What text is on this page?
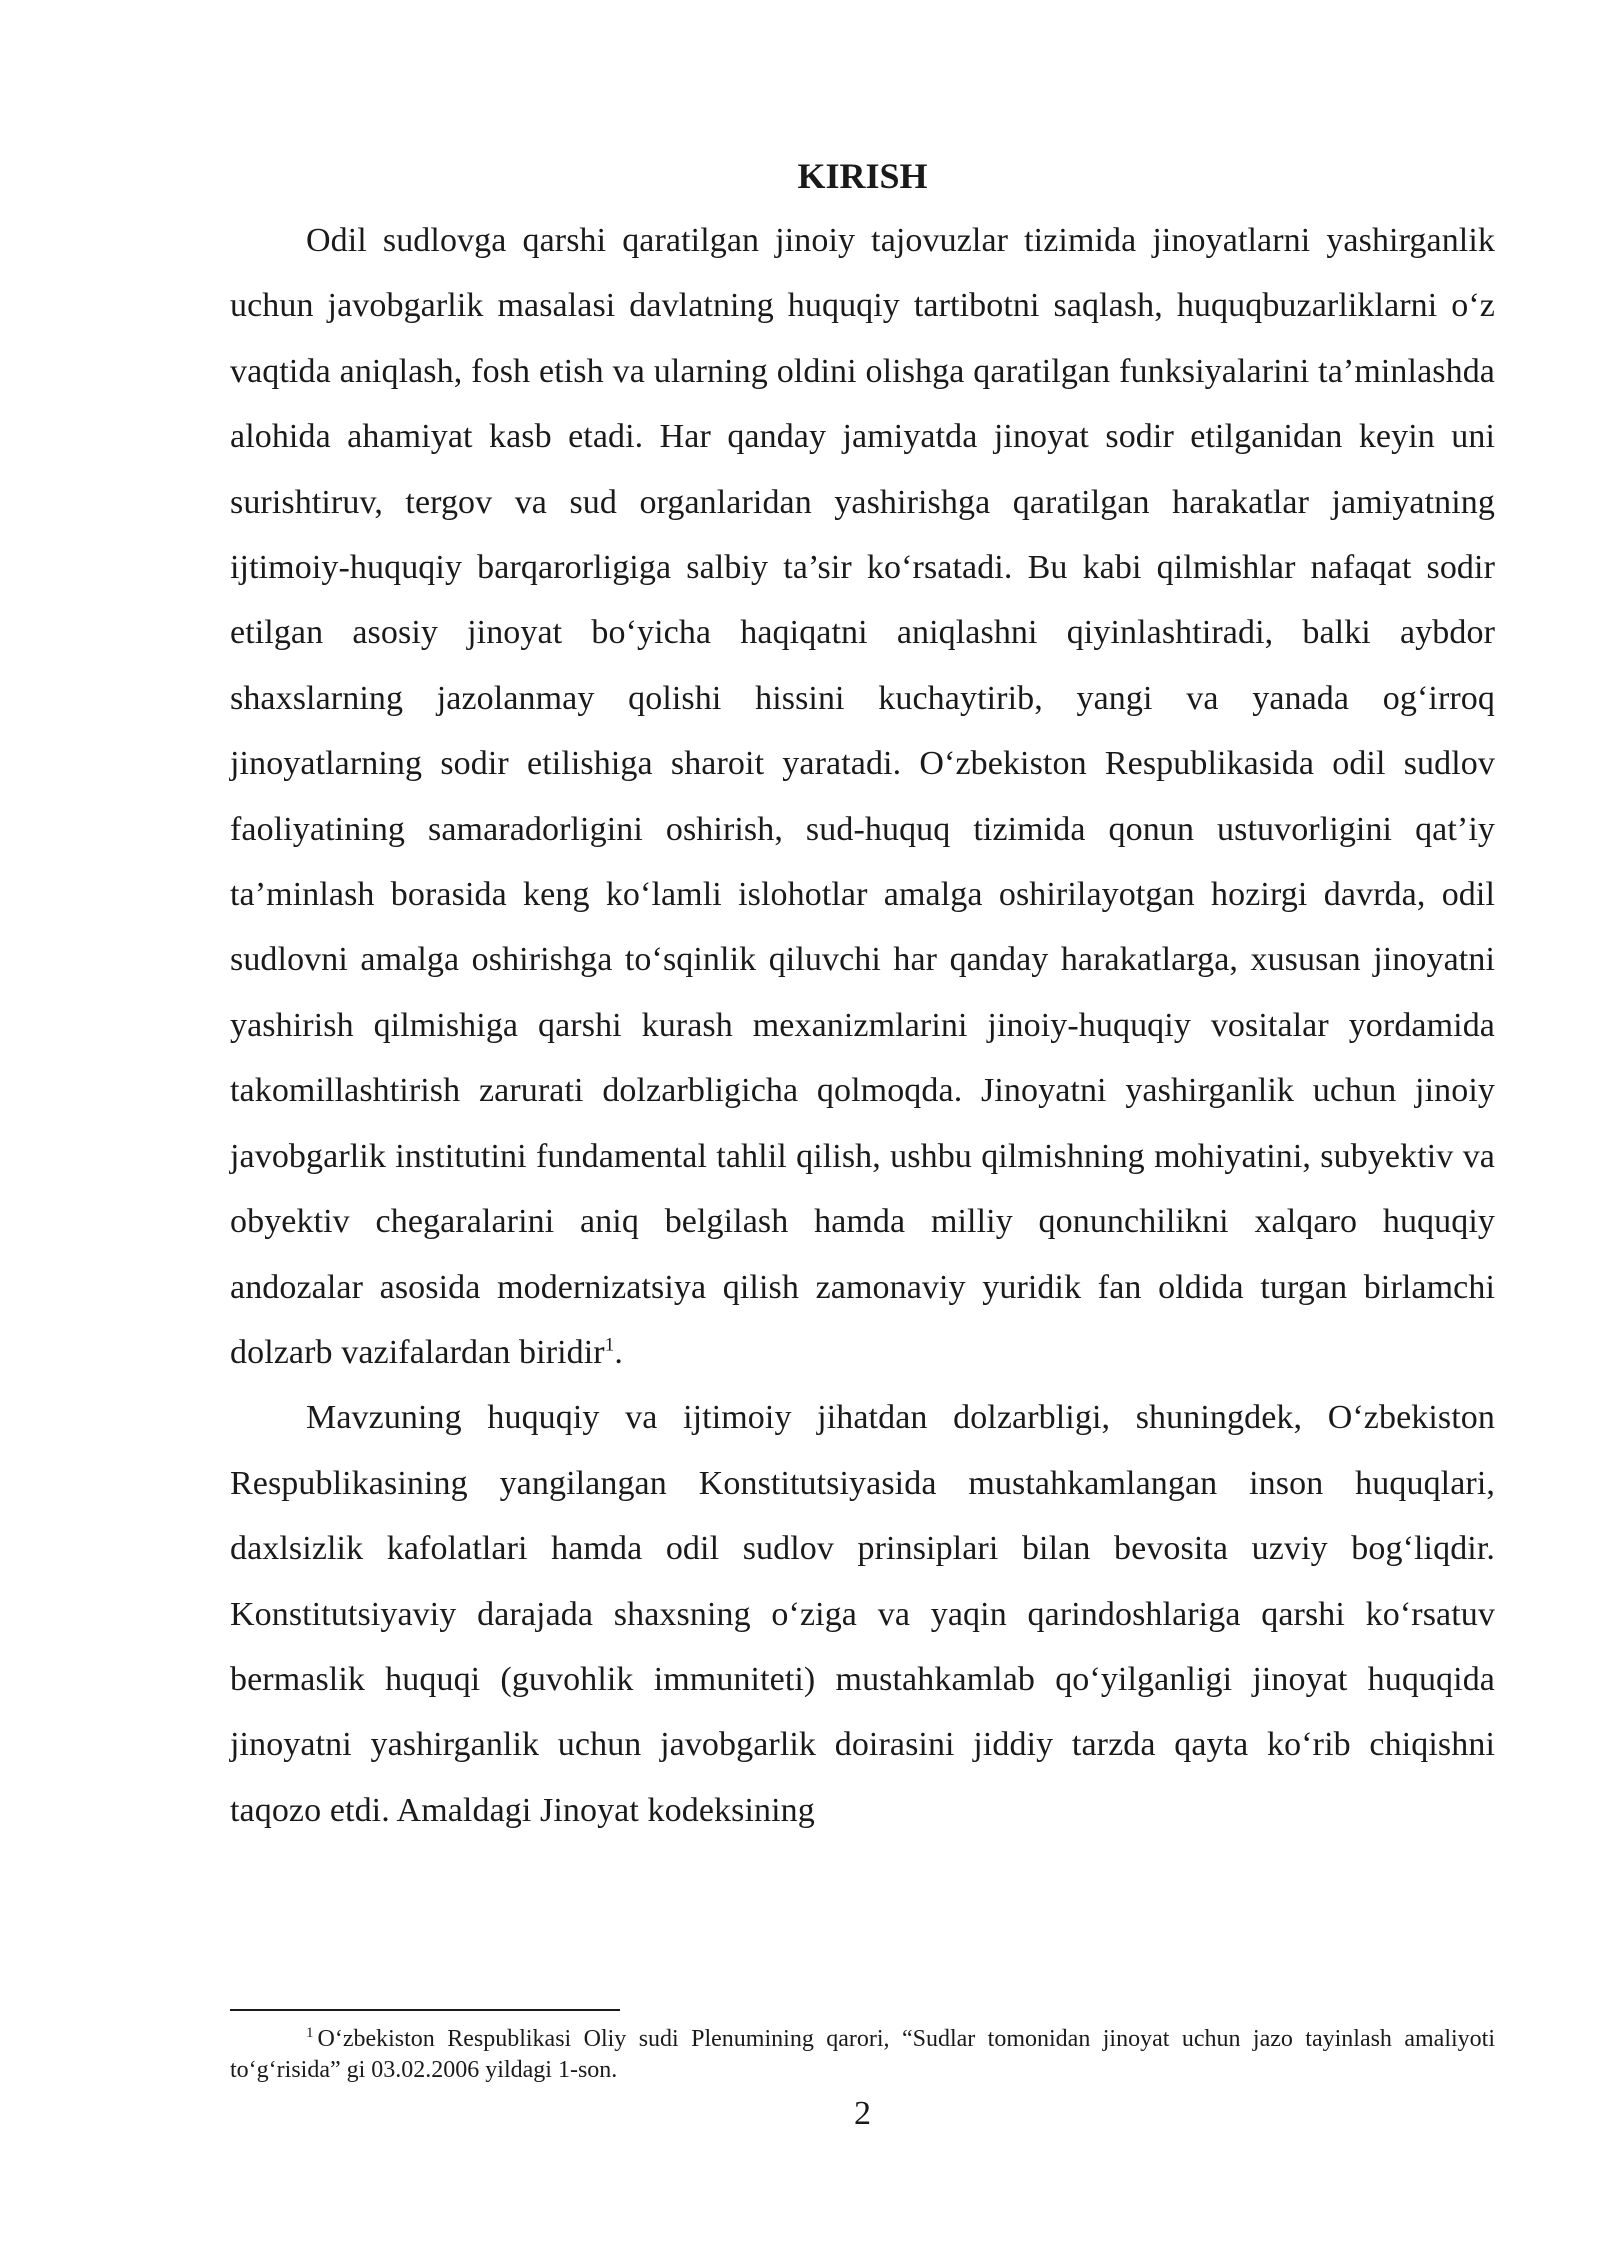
KIRISH

Odil sudlovga qarshi qaratilgan jinoiy tajovuzlar tizimida jinoyatlarni yashirganlik uchun javobgarlik masalasi davlatning huquqiy tartibotni saqlash, huquqbuzarliklarni o‘z vaqtida aniqlash, fosh etish va ularning oldini olishga qaratilgan funksiyalarini ta’minlashda alohida ahamiyat kasb etadi. Har qanday jamiyatda jinoyat sodir etilganidan keyin uni surishtiruv, tergov va sud organlaridan yashirishga qaratilgan harakatlar jamiyatning ijtimoiy-huquqiy barqarorligiga salbiy ta’sir ko‘rsatadi. Bu kabi qilmishlar nafaqat sodir etilgan asosiy jinoyat bo‘yicha haqiqatni aniqlashni qiyinlashtiradi, balki aybdor shaxslarning jazolanmay qolishi hissini kuchaytirib, yangi va yanada og‘irroq jinoyatlarning sodir etilishiga sharoit yaratadi. O‘zbekiston Respublikasida odil sudlov faoliyatining samaradorligini oshirish, sud-huquq tizimida qonun ustuvorligini qat’iy ta’minlash borasida keng ko‘lamli islohotlar amalga oshirilayotgan hozirgi davrda, odil sudlovni amalga oshirishga to‘sqinlik qiluvchi har qanday harakatlarga, xususan jinoyatni yashirish qilmishiga qarshi kurash mexanizmlarini jinoiy-huquqiy vositalar yordamida takomillashtirish zarurati dolzarbligicha qolmoqda. Jinoyatni yashirganlik uchun jinoiy javobgarlik institutini fundamental tahlil qilish, ushbu qilmishning mohiyatini, subyektiv va obyektiv chegaralarini aniq belgilash hamda milliy qonunchilikni xalqaro huquqiy andozalar asosida modernizatsiya qilish zamonaviy yuridik fan oldida turgan birlamchi dolzarb vazifalardan biridir$^1$.

Mavzuning huquqiy va ijtimoiy jihatdan dolzarbligi, shuningdek, O‘zbekiston Respublikasining yangilangan Konstitutsiyasida mustahkamlangan inson huquqlari, daxlsizlik kafolatlari hamda odil sudlov prinsiplari bilan bevosita uzviy bog‘liqdir. Konstitutsiyaviy darajada shaxsning o‘ziga va yaqin qarindoshlariga qarshi ko‘rsatuv bermaslik huquqi (guvohlik immuniteti) mustahkamlab qo‘yilganligi jinoyat huquqida jinoyatni yashirganlik uchun javobgarlik doirasini jiddiy tarzda qayta ko‘rib chiqishni taqozo etdi. Amaldagi Jinoyat kodeksining

$^1$ O‘zbekiston Respublikasi Oliy sudi Plenumining qarori, “Sudlar tomonidan jinoyat uchun jazo tayinlash amaliyoti to‘g‘risida” gi 03.02.2006 yildagi 1-son.

2
